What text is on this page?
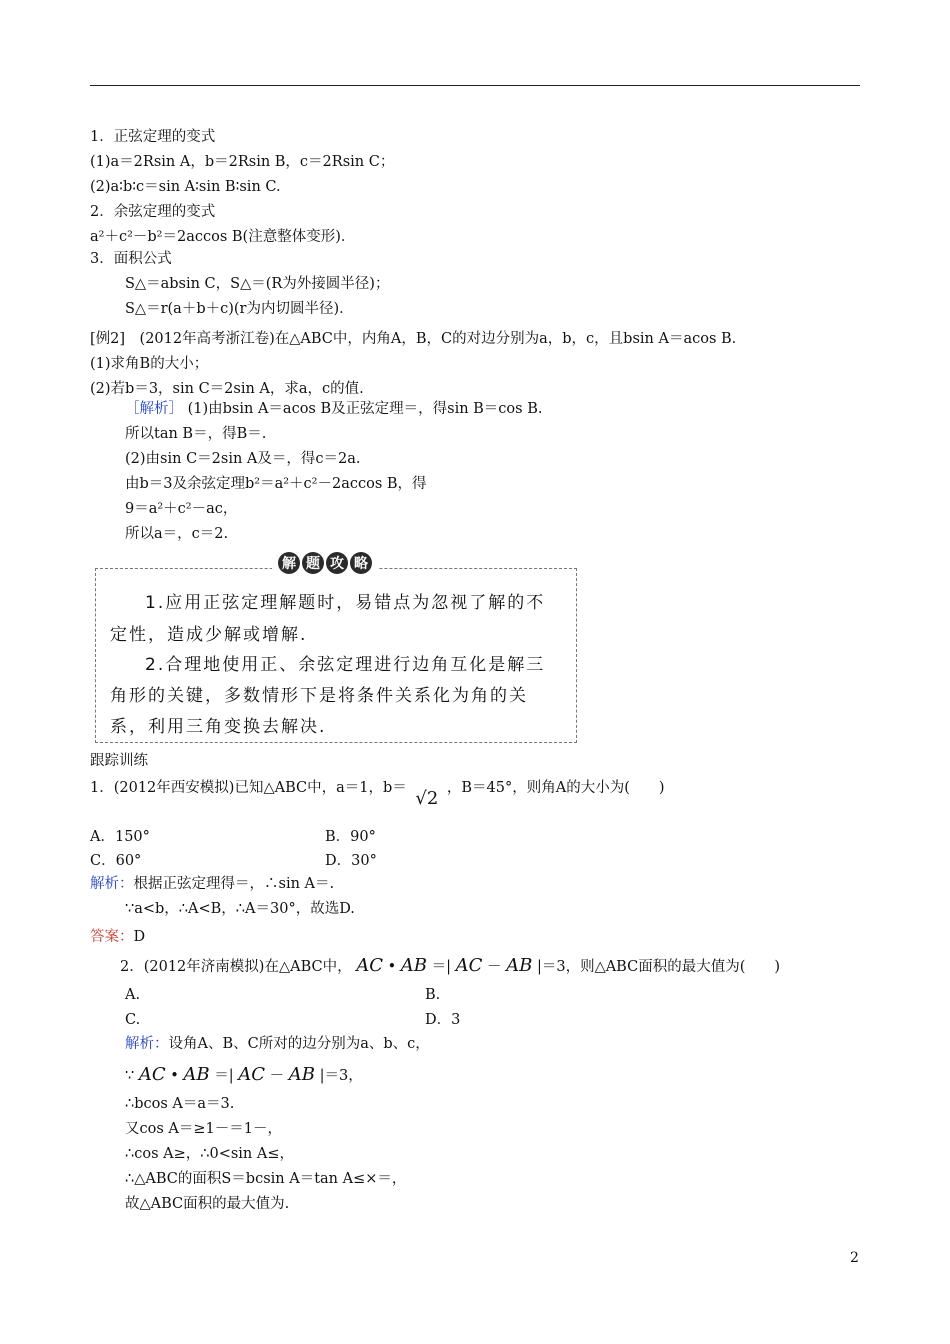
1．正弦定理的变式
(1)a＝2Rsin A，b＝2Rsin B，c＝2Rsin C；
(2)a∶b∶c＝sin A∶sin B∶sin C.
2．余弦定理的变式
a²＋c²－b²＝2accos B(注意整体变形)．
3．面积公式
S△＝absin C，S△＝(R为外接圆半径)；
S△＝r(a＋b＋c)(r为内切圆半径)．
[例2]　(2012年高考浙江卷)在△ABC中，内角A，B，C的对边分别为a，b，c，且bsin A＝acos B.
(1)求角B的大小；
(2)若b＝3，sin C＝2sin A，求a，c的值.
［解析］ (1)由bsin A＝acos B及正弦定理＝，得sin B＝cos B.
所以tan B＝，得B＝.
(2)由sin C＝2sin A及＝，得c＝2a.
由b＝3及余弦定理b²＝a²＋c²－2accos B，得
9＝a²＋c²－ac，
所以a＝，c＝2.
解 题 攻 略
1.应用正弦定理解题时，易错点为忽视了解的不
定性，造成少解或增解.
2.合理地使用正、余弦定理进行边角互化是解三
角形的关键，多数情形下是将条件关系化为角的关
系，利用三角变换去解决.
跟踪训练
1．(2012年西安模拟)已知△ABC中，a＝1，b＝ √2 ，B＝45°，则角A的大小为(　　)
A．150°	B．90°
C．60°	D．30°
解析：根据正弦定理得＝，∴sin A＝.
∵a<b，∴A<B，∴A＝30°，故选D.
答案：D
2．(2012年济南模拟)在△ABC中， AC • AB ＝| AC － AB |＝3，则△ABC面积的最大值为(　　)
A.	B.
C.	D．3
解析：设角A、B、C所对的边分别为a、b、c，
∵ AC • AB ＝| AC － AB |＝3，
∴bcos A＝a＝3.
又cos A＝≥1－＝1－，
∴cos A≥，∴0<sin A≤，
∴△ABC的面积S＝bcsin A＝tan A≤×＝，
故△ABC面积的最大值为.
2
